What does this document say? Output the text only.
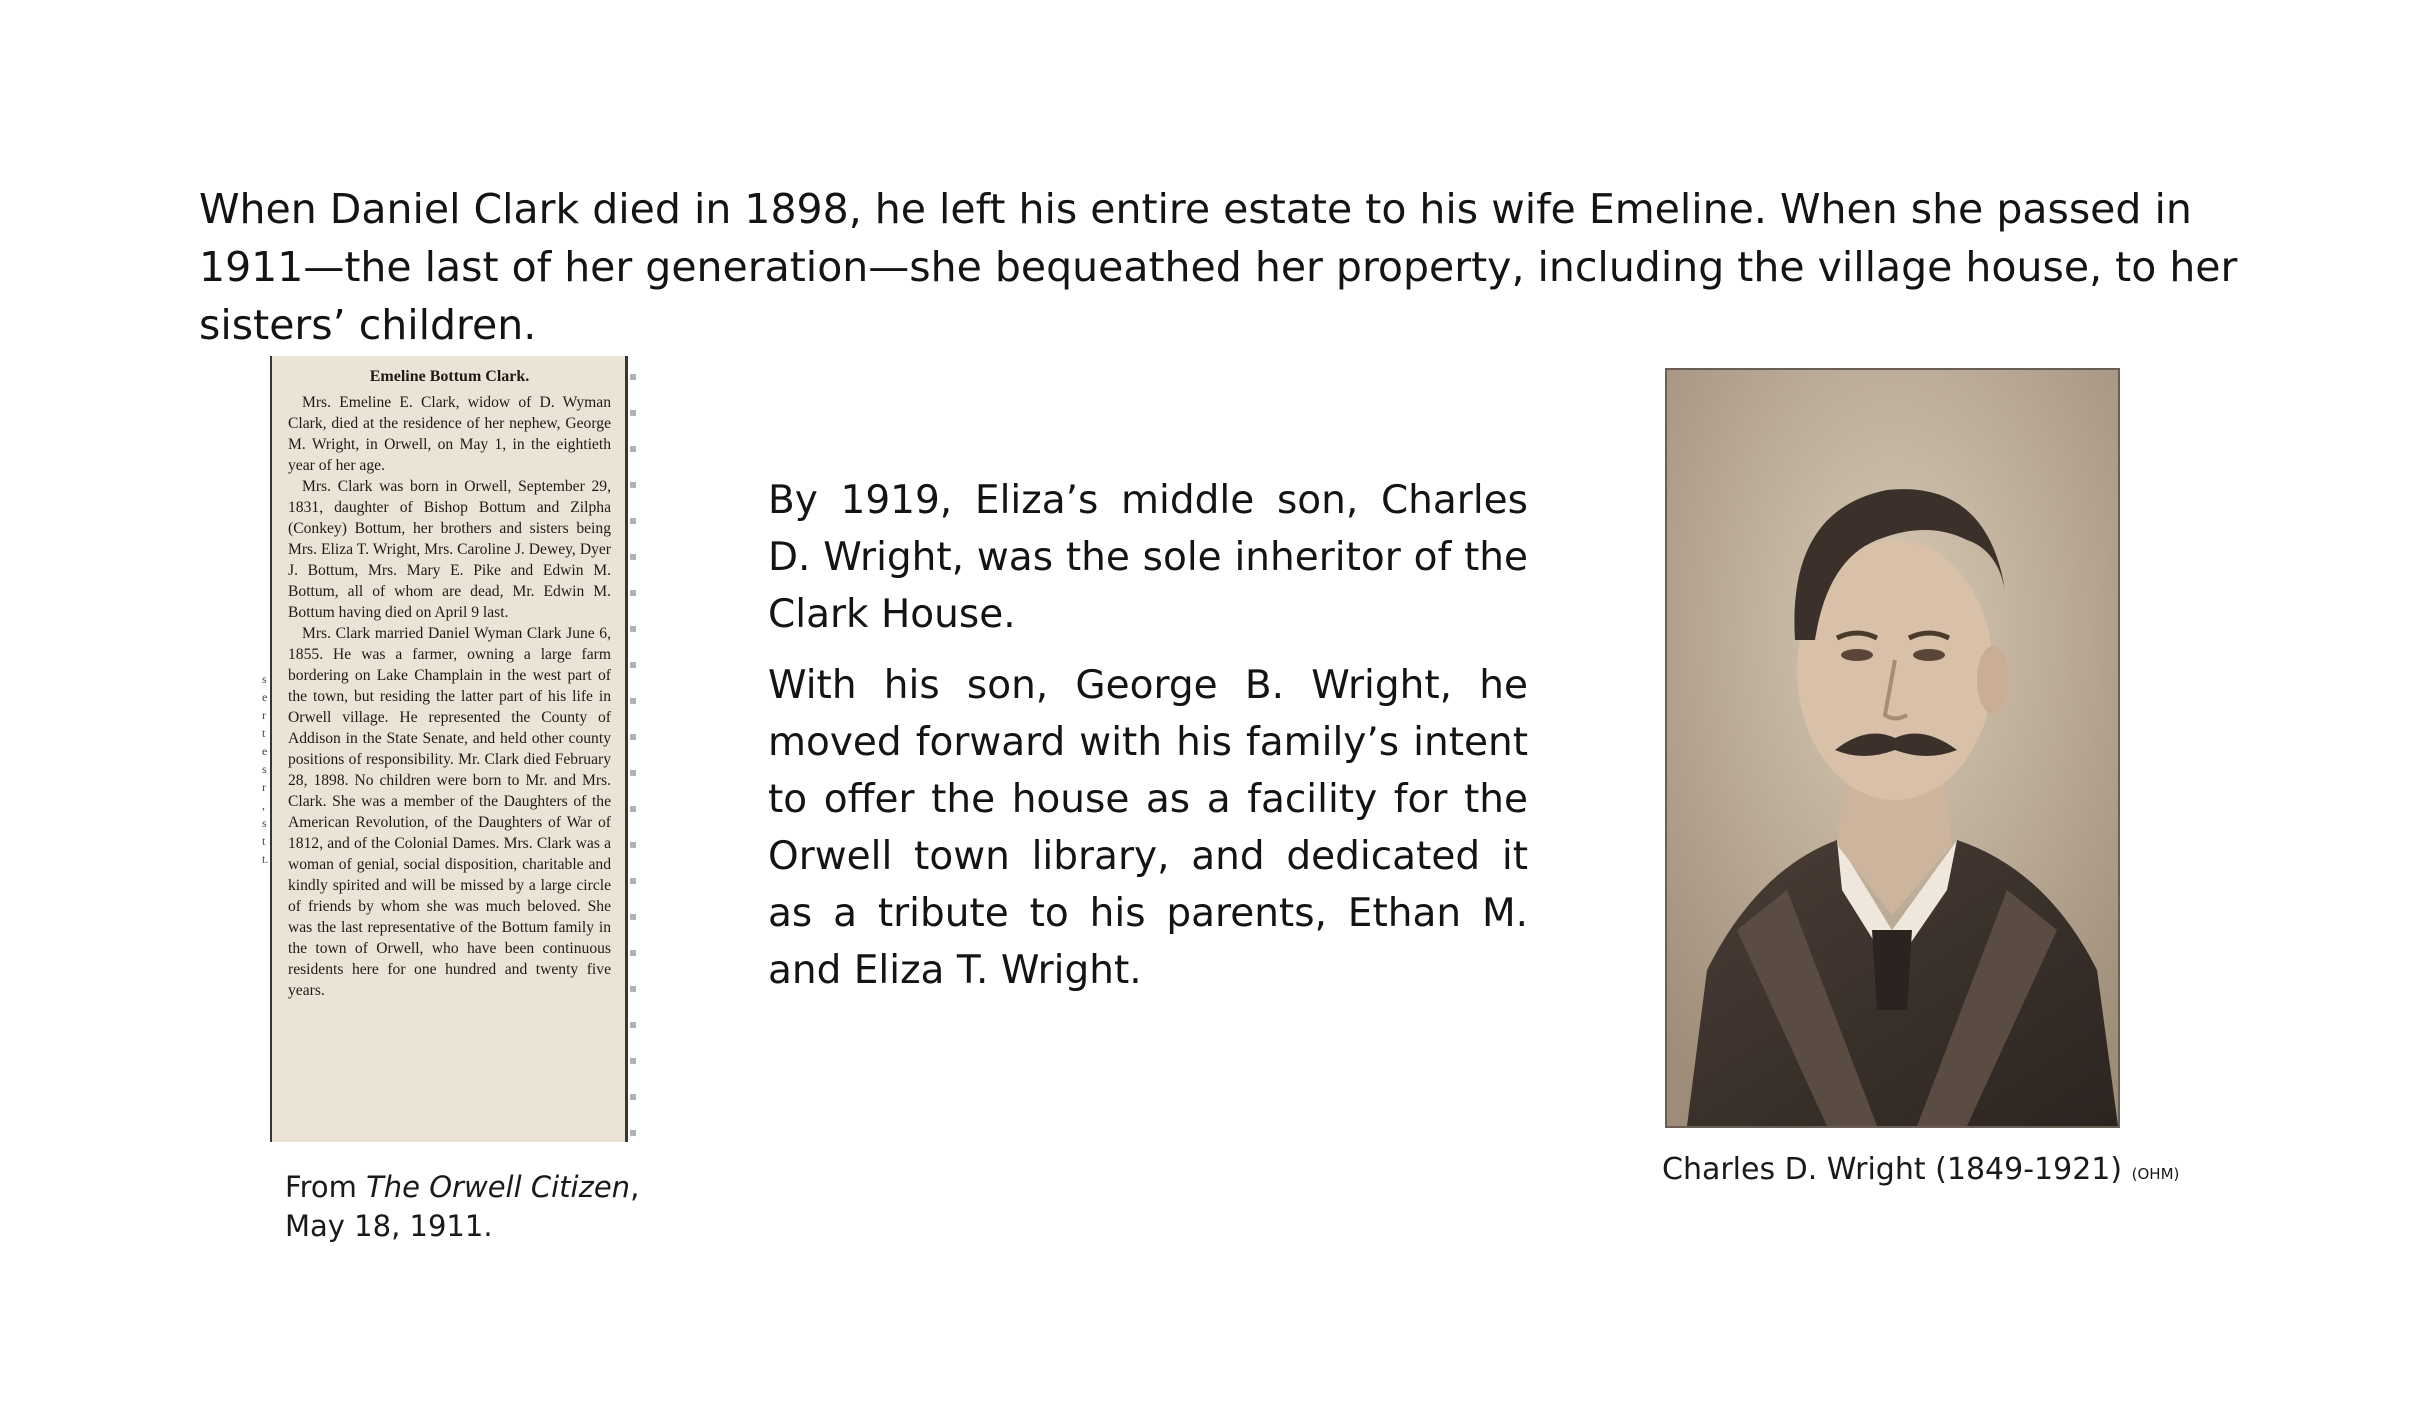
When Daniel Clark died in 1898, he left his entire estate to his wife Emeline. When she passed in 1911—the last of her generation—she bequeathed her property, including the village house, to her sisters’ children.

s e r t e s r , s t t.
Emeline Bottum Clark.

Mrs. Emeline E. Clark, widow of D. Wyman Clark, died at the residence of her nephew, George M. Wright, in Orwell, on May 1, in the eightieth year of her age.

Mrs. Clark was born in Orwell, September 29, 1831, daughter of Bishop Bottum and Zilpha (Conkey) Bottum, her brothers and sisters being Mrs. Eliza T. Wright, Mrs. Caroline J. Dewey, Dyer J. Bottum, Mrs. Mary E. Pike and Edwin M. Bottum, all of whom are dead, Mr. Edwin M. Bottum having died on April 9 last.

Mrs. Clark married Daniel Wyman Clark June 6, 1855. He was a farmer, owning a large farm bordering on Lake Champlain in the west part of the town, but residing the latter part of his life in Orwell village. He represented the County of Addison in the State Senate, and held other county positions of responsibility. Mr. Clark died February 28, 1898. No children were born to Mr. and Mrs. Clark. She was a member of the Daughters of the American Revolution, of the Daughters of War of 1812, and of the Colonial Dames. Mrs. Clark was a woman of genial, social disposition, charitable and kindly spirited and will be missed by a large circle of friends by whom she was much beloved. She was the last representative of the Bottum family in the town of Orwell, who have been continuous residents here for one hundred and twenty five years.

From The Orwell Citizen,
May 18, 1911.

By 1919, Eliza’s middle son, Charles D. Wright, was the sole inheritor of the Clark House.

With his son, George B. Wright, he moved forward with his family’s intent to offer the house as a facility for the Orwell town library, and dedicated it as a tribute to his parents, Ethan M. and Eliza T. Wright.

Charles D. Wright (1849-1921) (OHM)
